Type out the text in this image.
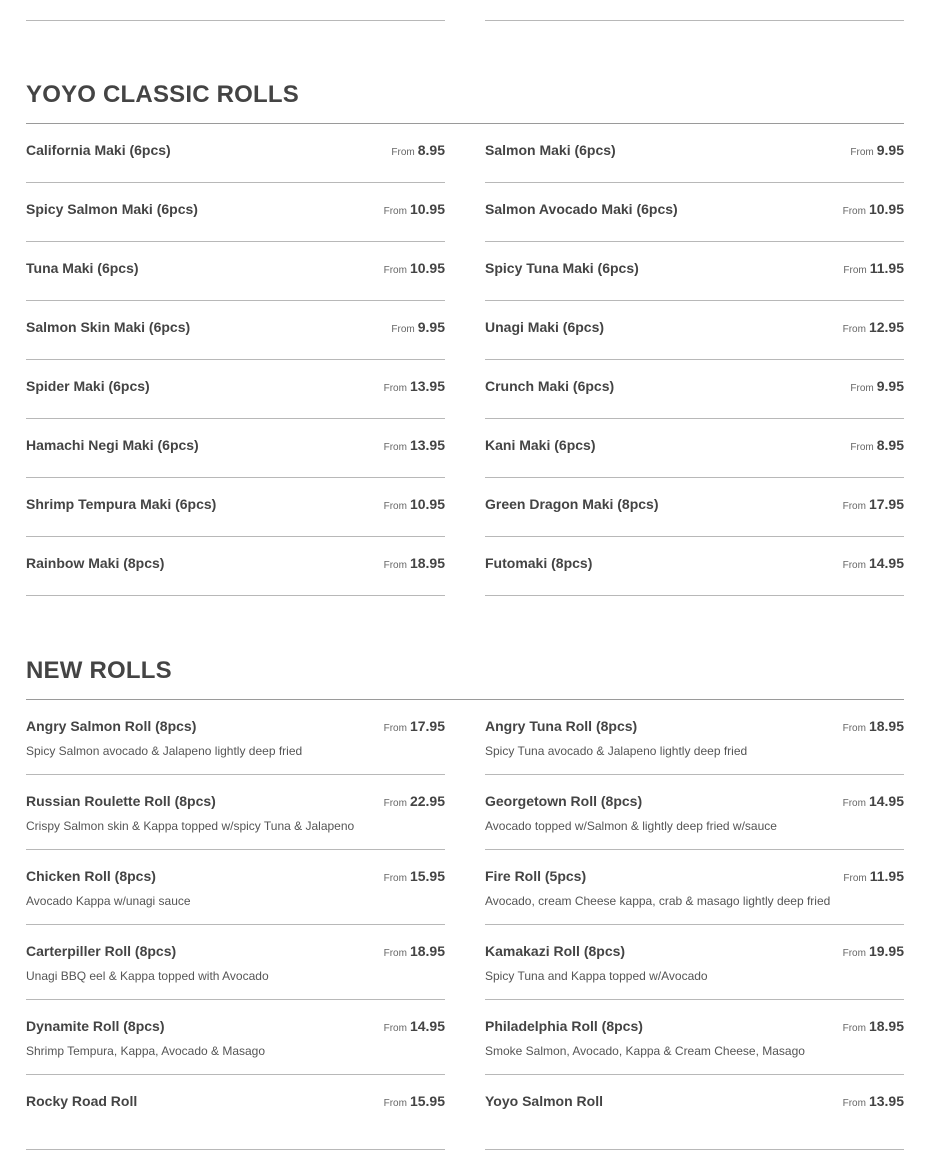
YOYO CLASSIC ROLLS
California Maki (6pcs)	From 8.95	Salmon Maki (6pcs)	From 9.95
Spicy Salmon Maki (6pcs)	From 10.95	Salmon Avocado Maki (6pcs)	From 10.95
Tuna Maki (6pcs)	From 10.95	Spicy Tuna Maki (6pcs)	From 11.95
Salmon Skin Maki (6pcs)	From 9.95	Unagi Maki (6pcs)	From 12.95
Spider Maki (6pcs)	From 13.95	Crunch Maki (6pcs)	From 9.95
Hamachi Negi Maki (6pcs)	From 13.95	Kani Maki (6pcs)	From 8.95
Shrimp Tempura Maki (6pcs)	From 10.95	Green Dragon Maki (8pcs)	From 17.95
Rainbow Maki (8pcs)	From 18.95	Futomaki (8pcs)	From 14.95
NEW ROLLS
Angry Salmon Roll (8pcs)	From 17.95
Spicy Salmon avocado & Jalapeno lightly deep fried
Angry Tuna Roll (8pcs)	From 18.95
Spicy Tuna avocado & Jalapeno lightly deep fried
Russian Roulette Roll (8pcs)	From 22.95
Crispy Salmon skin & Kappa topped w/spicy Tuna & Jalapeno
Georgetown Roll (8pcs)	From 14.95
Avocado topped w/Salmon & lightly deep fried w/sauce
Chicken Roll (8pcs)	From 15.95
Avocado Kappa w/unagi sauce
Fire Roll (5pcs)	From 11.95
Avocado, cream Cheese kappa, crab & masago lightly deep fried
Carterpiller Roll (8pcs)	From 18.95
Unagi BBQ eel & Kappa topped with Avocado
Kamakazi Roll (8pcs)	From 19.95
Spicy Tuna and Kappa topped w/Avocado
Dynamite Roll (8pcs)	From 14.95
Shrimp Tempura, Kappa, Avocado & Masago
Philadelphia Roll (8pcs)	From 18.95
Smoke Salmon, Avocado, Kappa & Cream Cheese, Masago
Rocky Road Roll	From 15.95	Yoyo Salmon Roll	From 13.95
